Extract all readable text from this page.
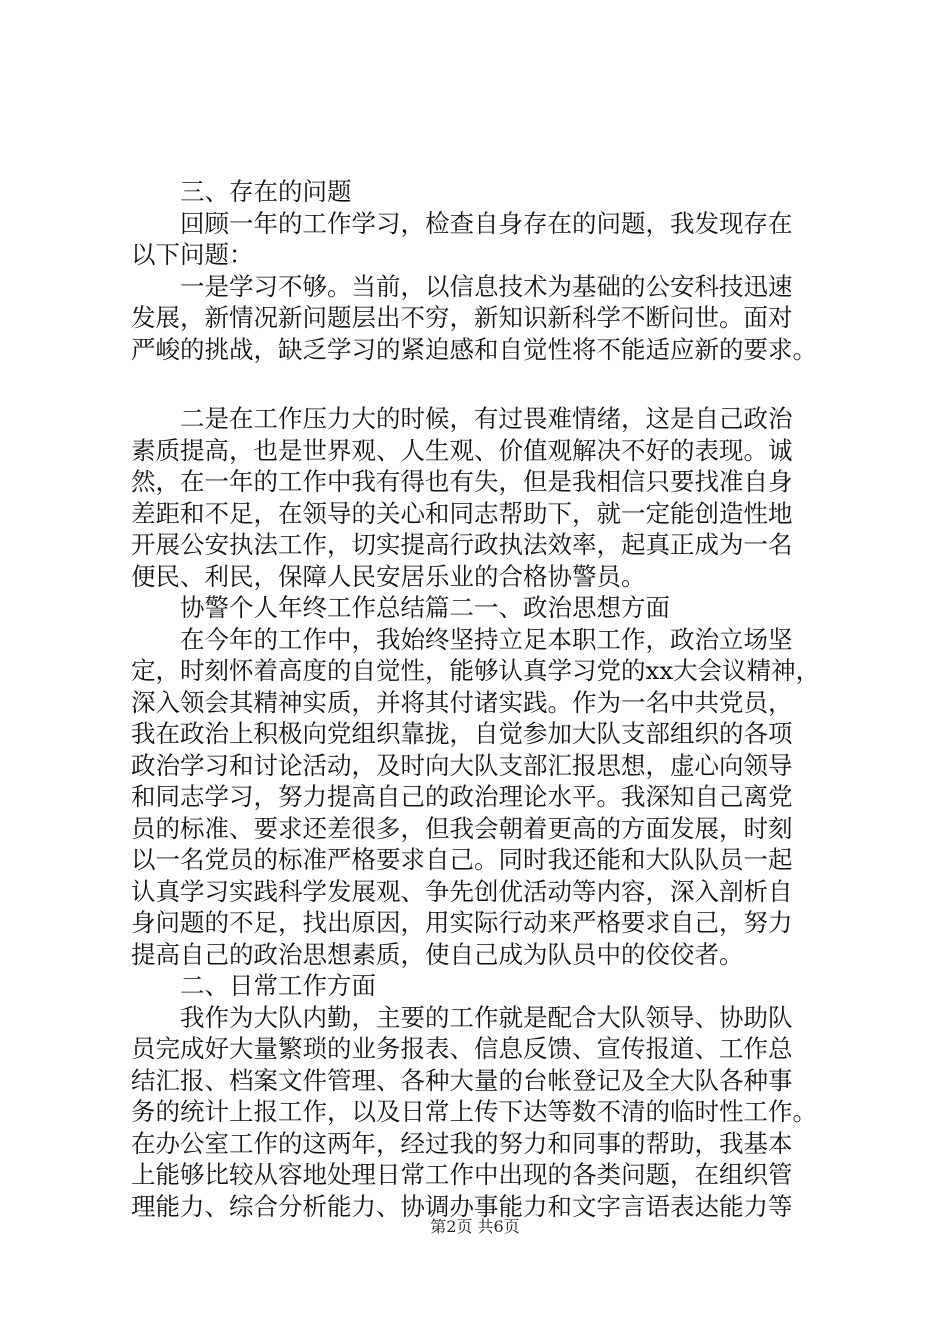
　　三、存在的问题
　　回顾一年的工作学习，检查自身存在的问题，我发现存在
以下问题：
　　一是学习不够。当前，以信息技术为基础的公安科技迅速
发展，新情况新问题层出不穷，新知识新科学不断问世。面对
严峻的挑战，缺乏学习的紧迫感和自觉性将不能适应新的要求。
　　二是在工作压力大的时候，有过畏难情绪，这是自己政治
素质提高，也是世界观、人生观、价值观解决不好的表现。诚
然，在一年的工作中我有得也有失，但是我相信只要找准自身
差距和不足，在领导的关心和同志帮助下，就一定能创造性地
开展公安执法工作，切实提高行政执法效率，起真正成为一名
便民、利民，保障人民安居乐业的合格协警员。
　　协警个人年终工作总结篇二一、政治思想方面
　　在今年的工作中，我始终坚持立足本职工作，政治立场坚
定，时刻怀着高度的自觉性，能够认真学习党的xx大会议精神，
深入领会其精神实质，并将其付诸实践。作为一名中共党员，
我在政治上积极向党组织靠拢，自觉参加大队支部组织的各项
政治学习和讨论活动，及时向大队支部汇报思想，虚心向领导
和同志学习，努力提高自己的政治理论水平。我深知自己离党
员的标准、要求还差很多，但我会朝着更高的方面发展，时刻
以一名党员的标准严格要求自己。同时我还能和大队队员一起
认真学习实践科学发展观、争先创优活动等内容，深入剖析自
身问题的不足，找出原因，用实际行动来严格要求自己，努力
提高自己的政治思想素质，使自己成为队员中的佼佼者。
　　二、日常工作方面
　　我作为大队内勤，主要的工作就是配合大队领导、协助队
员完成好大量繁琐的业务报表、信息反馈、宣传报道、工作总
结汇报、档案文件管理、各种大量的台帐登记及全大队各种事
务的统计上报工作，以及日常上传下达等数不清的临时性工作。
在办公室工作的这两年，经过我的努力和同事的帮助，我基本
上能够比较从容地处理日常工作中出现的各类问题，在组织管
理能力、综合分析能力、协调办事能力和文字言语表达能力等
第2页 共6页
